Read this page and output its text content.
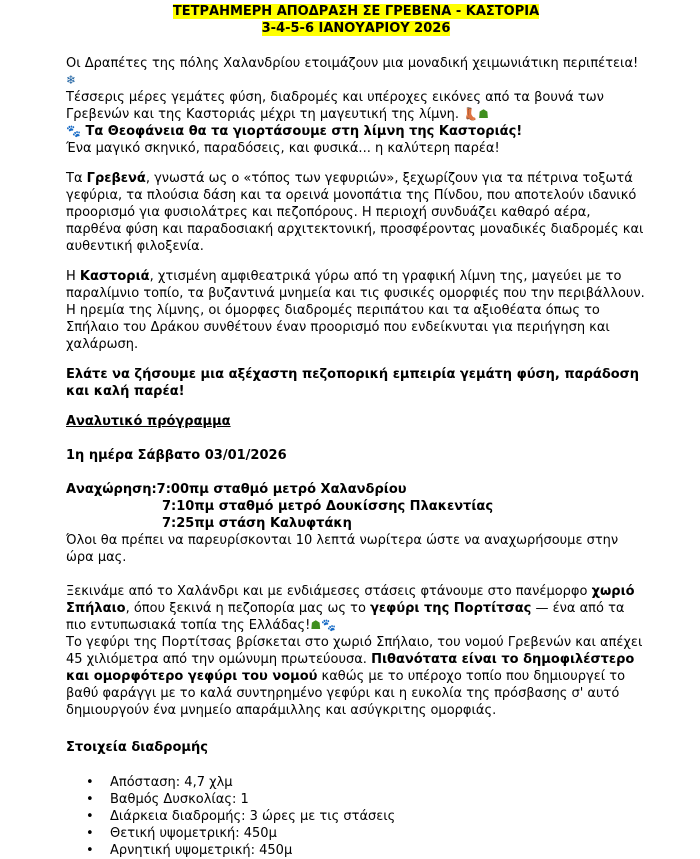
ΤΕΤΡΑΗΜΕΡΗ ΑΠΟΔΡΑΣΗ ΣΕ ΓΡΕΒΕΝΑ - ΚΑΣΤΟΡΙΑ
3-4-5-6 ΙΑΝΟΥΑΡΙΟΥ 2026

Οι Δραπέτες της πόλης Χαλανδρίου ετοιμάζουν μια μοναδική χειμωνιάτικη περιπέτεια!

❄

Τέσσερις μέρες γεμάτες φύση, διαδρομές και υπέροχες εικόνες από τα βουνά των Γρεβενών και της Καστοριάς μέχρι τη μαγευτική της λίμνη. 👢☗

🐾 Τα Θεοφάνεια θα τα γιορτάσουμε στη λίμνη της Καστοριάς!

Ένα μαγικό σκηνικό, παραδόσεις, και φυσικά... η καλύτερη παρέα!

Τα Γρεβενά, γνωστά ως ο «τόπος των γεφυριών», ξεχωρίζουν για τα πέτρινα τοξωτά γεφύρια, τα πλούσια δάση και τα ορεινά μονοπάτια της Πίνδου, που αποτελούν ιδανικό προορισμό για φυσιολάτρες και πεζοπόρους. Η περιοχή συνδυάζει καθαρό αέρα, παρθένα φύση και παραδοσιακή αρχιτεκτονική, προσφέροντας μοναδικές διαδρομές και αυθεντική φιλοξενία.

Η Καστοριά, χτισμένη αμφιθεατρικά γύρω από τη γραφική λίμνη της, μαγεύει με το παραλίμνιο τοπίο, τα βυζαντινά μνημεία και τις φυσικές ομορφιές που την περιβάλλουν. Η ηρεμία της λίμνης, οι όμορφες διαδρομές περιπάτου και τα αξιοθέατα όπως το Σπήλαιο του Δράκου συνθέτουν έναν προορισμό που ενδείκνυται για περιήγηση και χαλάρωση.

Ελάτε να ζήσουμε μια αξέχαστη πεζοπορική εμπειρία γεμάτη φύση, παράδοση και καλή παρέα!

Αναλυτικό πρόγραμμα

1η ημέρα Σάββατο 03/01/2026

Αναχώρηση:7:00πμ σταθμό μετρό Χαλανδρίου

7:10πμ σταθμό μετρό Δουκίσσης Πλακεντίας

7:25πμ στάση Καλυφτάκη

Όλοι θα πρέπει να παρευρίσκονται 10 λεπτά νωρίτερα ώστε να αναχωρήσουμε στην ώρα μας.

Ξεκινάμε από το Χαλάνδρι και με ενδιάμεσες στάσεις φτάνουμε στο πανέμορφο χωριό Σπήλαιο, όπου ξεκινά η πεζοπορία μας ως το γεφύρι της Πορτίτσας — ένα από τα πιο εντυπωσιακά τοπία της Ελλάδας!☗🐾

Το γεφύρι της Πορτίτσας βρίσκεται στο χωριό Σπήλαιο, του νομού Γρεβενών και απέχει 45 χιλιόμετρα από την ομώνυμη πρωτεύουσα. Πιθανότατα είναι το δημοφιλέστερο και ομορφότερο γεφύρι του νομού καθώς με το υπέροχο τοπίο που δημιουργεί το βαθύ φαράγγι με το καλά συντηρημένο γεφύρι και η ευκολία της πρόσβασης σ' αυτό δημιουργούν ένα μνημείο απαράμιλλης και ασύγκριτης ομορφιάς.

Στοιχεία διαδρομής

• Απόσταση: 4,7 χλμ
• Βαθμός Δυσκολίας: 1
• Διάρκεια διαδρομής: 3 ώρες με τις στάσεις
• Θετική υψομετρική: 450μ
• Αρνητική υψομετρική: 450μ
